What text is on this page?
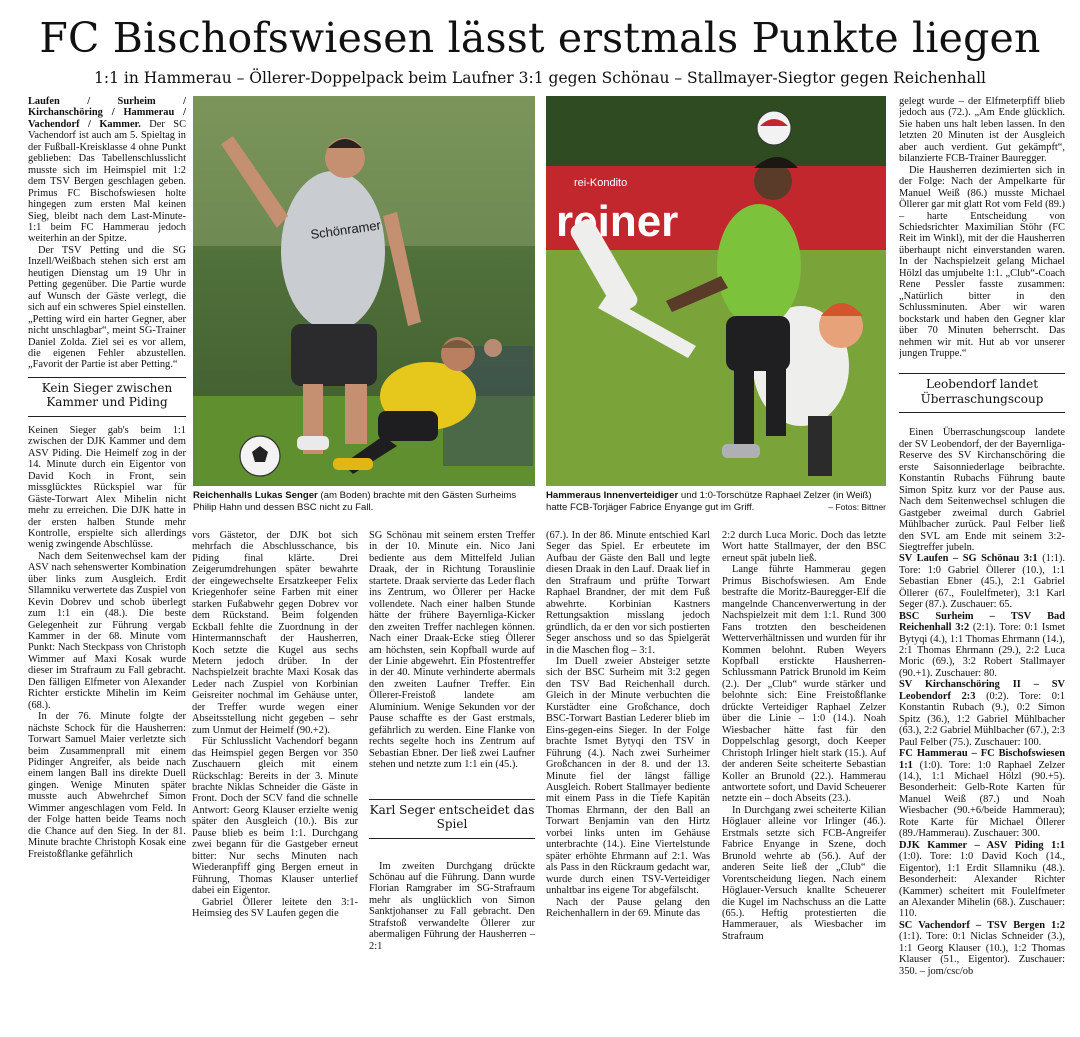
FC Bischofswiesen lässt erstmals Punkte liegen
1:1 in Hammerau – Öllerer-Doppelpack beim Laufner 3:1 gegen Schönau – Stallmayer-Siegtor gegen Reichenhall

Laufen / Surheim / Kirchanschöring / Hammerau / Vachendorf / Kammer. Der SC Vachendorf ist auch am 5. Spieltag in der Fußball-Kreisklasse 4 ohne Punkt geblieben: Das Tabellenschlusslicht musste sich im Heimspiel mit 1:2 dem TSV Bergen geschlagen geben. Primus FC Bischofswiesen holte hingegen zum ersten Mal keinen Sieg, bleibt nach dem Last-Minute-1:1 beim FC Hammerau jedoch weiterhin an der Spitze.

Der TSV Petting und die SG Inzell/Weißbach stehen sich erst am heutigen Dienstag um 19 Uhr in Petting gegenüber. Die Partie wurde auf Wunsch der Gäste verlegt, die sich auf ein schweres Spiel einstellen. „Petting wird ein harter Gegner, aber nicht unschlagbar“, meint SG-Trainer Daniel Zolda. Ziel sei es vor allem, die eigenen Fehler abzustellen. „Favorit der Partie ist aber Petting.“

Kein Sieger zwischen Kammer und Piding

Keinen Sieger gab's beim 1:1 zwischen der DJK Kammer und dem ASV Piding. Die Heimelf zog in der 14. Minute durch ein Eigentor von David Koch in Front, sein missglücktes Rückspiel war für Gäste-Torwart Alex Mihelin nicht mehr zu erreichen. Die DJK hatte in der ersten halben Stunde mehr Kontrolle, erspielte sich allerdings wenig zwingende Abschlüsse.

Nach dem Seitenwechsel kam der ASV nach sehenswerter Kombination über links zum Ausgleich. Erdit Sllamniku verwertete das Zuspiel von Kevin Dobrev und schob überlegt zum 1:1 ein (48.). Die beste Gelegenheit zur Führung vergab Kammer in der 68. Minute vom Punkt: Nach Steckpass von Christoph Wimmer auf Maxi Kosak wurde dieser im Strafraum zu Fall gebracht. Den fälligen Elfmeter von Alexander Richter erstickte Mihelin im Keim (68.).

In der 76. Minute folgte der nächste Schock für die Hausherren: Torwart Samuel Maier verletzte sich beim Zusammenprall mit einem Pidinger Angreifer, als beide nach einem langen Ball ins direkte Duell gingen. Wenige Minuten später musste auch Abwehrchef Simon Wimmer angeschlagen vom Feld. In der Folge hatten beide Teams noch die Chance auf den Sieg. In der 81. Minute brachte Christoph Kosak eine Freistoßflanke gefährlich

Schönramer
Reichenhalls Lukas Senger (am Boden) brachte mit den Gästen Surheims Philip Hahn und dessen BSC nicht zu Fall.
rei-Kondito
reiner
Hammeraus Innenverteidiger und 1:0-Torschütze Raphael Zelzer (in Weiß) hatte FCB-Torjäger Fabrice Enyange gut im Griff.	– Fotos: Bittner

vors Gästetor, der DJK bot sich mehrfach die Abschlusschance, bis Piding final klärte. Drei Zeigerumdrehungen später bewahrte der eingewechselte Ersatzkeeper Felix Kriegenhofer seine Farben mit einer starken Fußabwehr gegen Dobrev vor dem Rückstand. Beim folgenden Eckball fehlte die Zuordnung in der Hintermannschaft der Hausherren, Koch setzte die Kugel aus sechs Metern jedoch drüber. In der Nachspielzeit brachte Maxi Kosak das Leder nach Zuspiel von Korbinian Geisreiter nochmal im Gehäuse unter, der Treffer wurde wegen einer Abseitsstellung nicht gegeben – sehr zum Unmut der Heimelf (90.+2).

Für Schlusslicht Vachendorf begann das Heimspiel gegen Bergen vor 350 Zuschauern gleich mit einem Rückschlag: Bereits in der 3. Minute brachte Niklas Schneider die Gäste in Front. Doch der SCV fand die schnelle Antwort: Georg Klauser erzielte wenig später den Ausgleich (10.). Bis zur Pause blieb es beim 1:1. Durchgang zwei begann für die Gastgeber erneut bitter: Nur sechs Minuten nach Wiederanpfiff ging Bergen erneut in Führung, Thomas Klauser unterlief dabei ein Eigentor.

Gabriel Öllerer leitete den 3:1-Heimsieg des SV Laufen gegen die

SG Schönau mit seinem ersten Treffer in der 10. Minute ein. Nico Jani bediente aus dem Mittelfeld Julian Draak, der in Richtung Torauslinie startete. Draak servierte das Leder flach ins Zentrum, wo Öllerer per Hacke vollendete. Nach einer halben Stunde hätte der frühere Bayernliga-Kicker den zweiten Treffer nachlegen können. Nach einer Draak-Ecke stieg Öllerer am höchsten, sein Kopfball wurde auf der Linie abgewehrt. Ein Pfostentreffer in der 40. Minute verhinderte abermals den zweiten Laufner Treffer. Ein Öllerer-Freistoß landete am Aluminium. Wenige Sekunden vor der Pause schaffte es der Gast erstmals, gefährlich zu werden. Eine Flanke von rechts segelte hoch ins Zentrum auf Sebastian Ebner. Der ließ zwei Laufner stehen und netzte zum 1:1 ein (45.).

Karl Seger entscheidet das Spiel

Im zweiten Durchgang drückte Schönau auf die Führung. Dann wurde Florian Ramgraber im SG-Strafraum mehr als unglücklich von Simon Sanktjohanser zu Fall gebracht. Den Strafstoß verwandelte Öllerer zur abermaligen Führung der Hausherren – 2:1

(67.). In der 86. Minute entschied Karl Seger das Spiel. Er erbeutete im Aufbau der Gäste den Ball und legte diesen Draak in den Lauf. Draak lief in den Strafraum und prüfte Torwart Raphael Brandner, der mit dem Fuß abwehrte. Korbinian Kastners Rettungsaktion misslang jedoch gründlich, da er den vor sich postierten Seger anschoss und so das Spielgerät in die Maschen flog – 3:1.

Im Duell zweier Absteiger setzte sich der BSC Surheim mit 3:2 gegen den TSV Bad Reichenhall durch. Gleich in der Minute verbuchten die Kurstädter eine Großchance, doch BSC-Torwart Bastian Lederer blieb im Eins-gegen-eins Sieger. In der Folge brachte Ismet Bytyqi den TSV in Führung (4.). Nach zwei Surheimer Großchancen in der 8. und der 13. Minute fiel der längst fällige Ausgleich. Robert Stallmayer bediente mit einem Pass in die Tiefe Kapitän Thomas Ehrmann, der den Ball an Torwart Benjamin van den Hirtz vorbei links unten im Gehäuse unterbrachte (14.). Eine Viertelstunde später erhöhte Ehrmann auf 2:1. Was als Pass in den Rückraum gedacht war, wurde durch einen TSV-Verteidiger unhaltbar ins eigene Tor abgefälscht.

Nach der Pause gelang den Reichenhallern in der 69. Minute das

2:2 durch Luca Moric. Doch das letzte Wort hatte Stallmayer, der den BSC erneut spät jubeln ließ.

Lange führte Hammerau gegen Primus Bischofswiesen. Am Ende bestrafte die Moritz-Bauregger-Elf die mangelnde Chancenverwertung in der Nachspielzeit mit dem 1:1. Rund 300 Fans trotzten den bescheidenen Wetterverhältnissen und wurden für ihr Kommen belohnt. Ruben Weyers Kopfball erstickte Hausherren-Schlussmann Patrick Brunold im Keim (2.). Der „Club“ wurde stärker und belohnte sich: Eine Freistoßflanke drückte Verteidiger Raphael Zelzer über die Linie – 1:0 (14.). Noah Wiesbacher hätte fast für den Doppelschlag gesorgt, doch Keeper Christoph Irlinger hielt stark (15.). Auf der anderen Seite scheiterte Sebastian Koller an Brunold (22.). Hammerau antwortete sofort, und David Scheuerer netzte ein – doch Abseits (23.).

In Durchgang zwei scheiterte Kilian Höglauer alleine vor Irlinger (46.). Erstmals setzte sich FCB-Angreifer Fabrice Enyange in Szene, doch Brunold wehrte ab (56.). Auf der anderen Seite ließ der „Club“ die Vorentscheidung liegen. Nach einem Höglauer-Versuch knallte Scheuerer die Kugel im Nachschuss an die Latte (65.). Heftig protestierten die Hammerauer, als Wiesbacher im Strafraum

gelegt wurde – der Elfmeterpfiff blieb jedoch aus (72.). „Am Ende glücklich. Sie haben uns halt leben lassen. In den letzten 20 Minuten ist der Ausgleich aber auch verdient. Gut gekämpft“, bilanzierte FCB-Trainer Bauregger.

Die Hausherren dezimierten sich in der Folge: Nach der Ampelkarte für Manuel Weiß (86.) musste Michael Öllerer gar mit glatt Rot vom Feld (89.) – harte Entscheidung von Schiedsrichter Maximilian Stöhr (FC Reit im Winkl), mit der die Hausherren überhaupt nicht einverstanden waren. In der Nachspielzeit gelang Michael Hölzl das umjubelte 1:1. „Club“-Coach Rene Pessler fasste zusammen: „Natürlich bitter in den Schlussminuten. Aber wir waren bockstark und haben den Gegner klar über 70 Minuten beherrscht. Das nehmen wir mit. Hut ab vor unserer jungen Truppe.“

Leobendorf landet Überraschungscoup

Einen Überraschungscoup landete der SV Leobendorf, der der Bayernliga-Reserve des SV Kirchanschöring die erste Saisonniederlage beibrachte. Konstantin Rubachs Führung baute Simon Spitz kurz vor der Pause aus. Nach dem Seitenwechsel schlugen die Gastgeber zweimal durch Gabriel Mühlbacher zurück. Paul Felber ließ den SVL am Ende mit seinem 3:2-Siegtreffer jubeln.

SV Laufen – SG Schönau 3:1 (1:1). Tore: 1:0 Gabriel Öllerer (10.), 1:1 Sebastian Ebner (45.), 2:1 Gabriel Öllerer (67., Foulelfmeter), 3:1 Karl Seger (87.). Zuschauer: 65.

BSC Surheim – TSV Bad Reichenhall 3:2 (2:1). Tore: 0:1 Ismet Bytyqi (4.), 1:1 Thomas Ehrmann (14.), 2:1 Thomas Ehrmann (29.), 2:2 Luca Moric (69.), 3:2 Robert Stallmayer (90.+1). Zuschauer: 80.

SV Kirchanschöring II – SV Leobendorf 2:3 (0:2). Tore: 0:1 Konstantin Rubach (9.), 0:2 Simon Spitz (36.), 1:2 Gabriel Mühlbacher (63.), 2:2 Gabriel Mühlbacher (67.), 2:3 Paul Felber (75.). Zuschauer: 100.

FC Hammerau – FC Bischofswiesen 1:1 (1:0). Tore: 1:0 Raphael Zelzer (14.), 1:1 Michael Hölzl (90.+5). Besonderheit: Gelb-Rote Karten für Manuel Weiß (87.) und Noah Wiesbacher (90.+6/beide Hammerau); Rote Karte für Michael Öllerer (89./Hammerau). Zuschauer: 300.

DJK Kammer – ASV Piding 1:1 (1:0). Tore: 1:0 David Koch (14., Eigentor), 1:1 Erdit Sllamniku (48.). Besonderheit: Alexander Richter (Kammer) scheitert mit Foulelfmeter an Alexander Mihelin (68.). Zuschauer: 110.

SC Vachendorf – TSV Bergen 1:2 (1:1). Tore: 0:1 Niclas Schneider (3.), 1:1 Georg Klauser (10.), 1:2 Thomas Klauser (51., Eigentor). Zuschauer: 350. – jom/csc/ob
